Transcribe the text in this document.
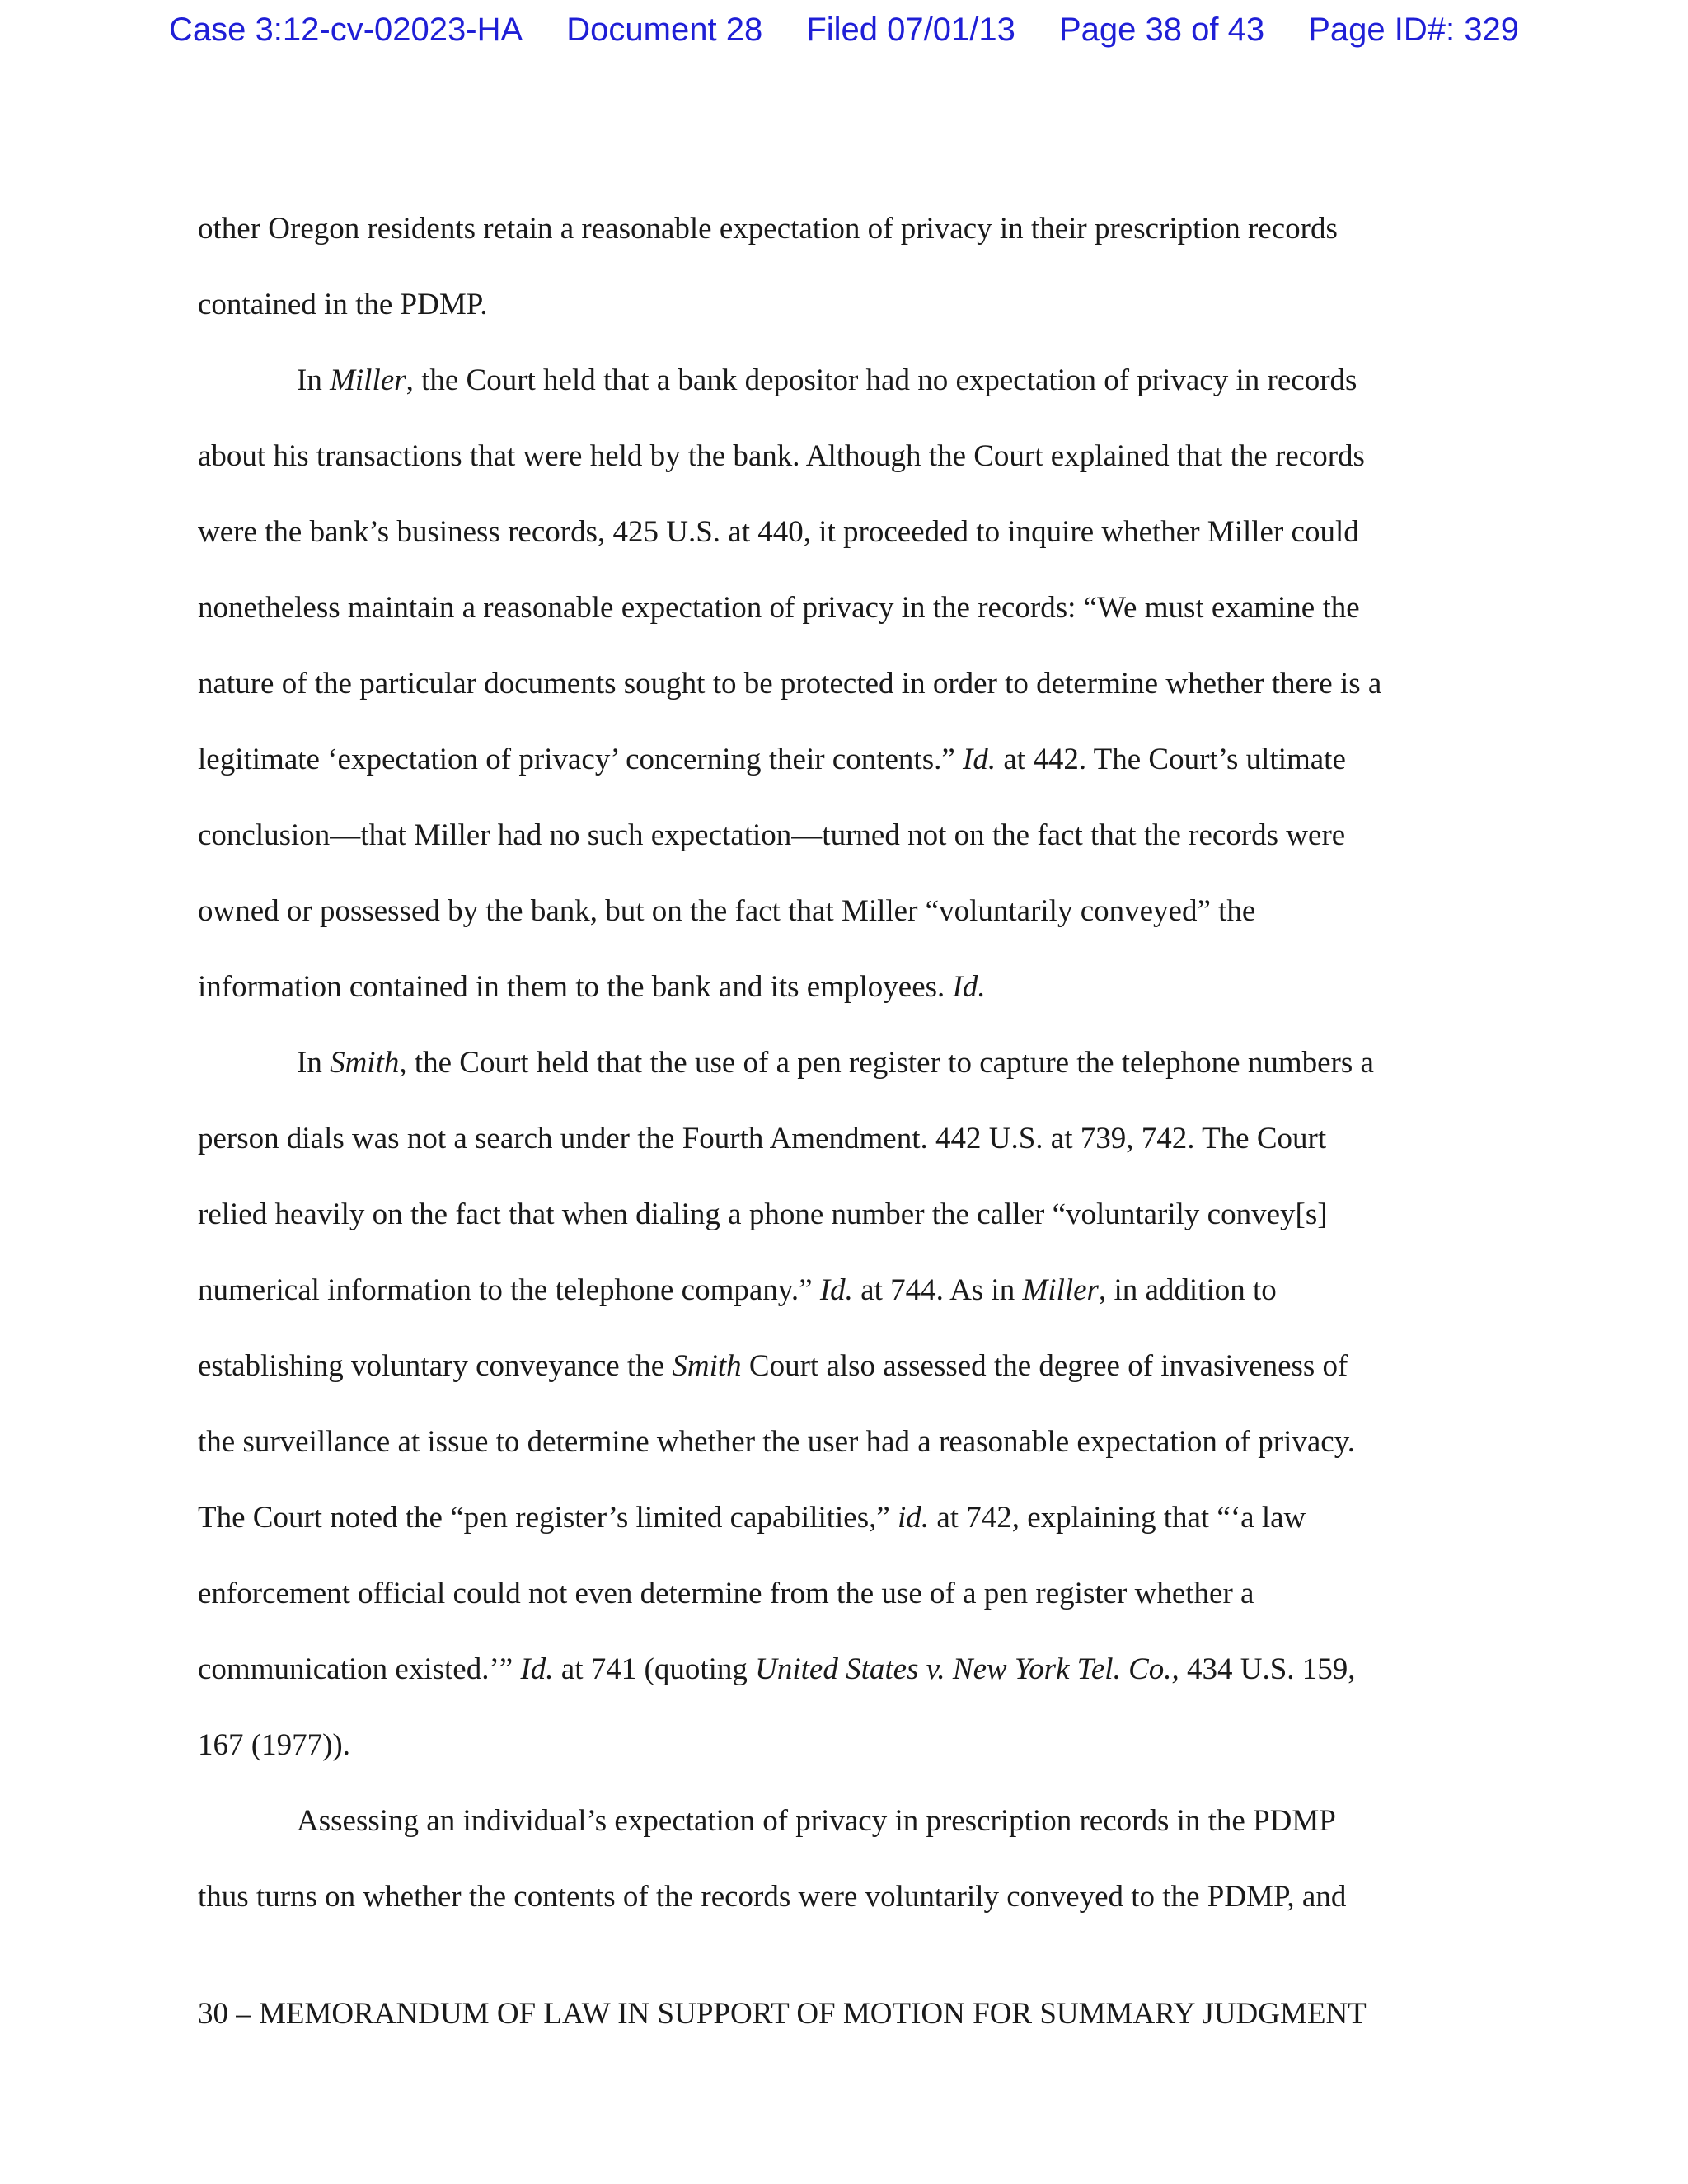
Case 3:12-cv-02023-HA Document 28 Filed 07/01/13 Page 38 of 43 Page ID#: 329
other Oregon residents retain a reasonable expectation of privacy in their prescription records
contained in the PDMP.
In Miller, the Court held that a bank depositor had no expectation of privacy in records
about his transactions that were held by the bank. Although the Court explained that the records
were the bank’s business records, 425 U.S. at 440, it proceeded to inquire whether Miller could
nonetheless maintain a reasonable expectation of privacy in the records: “We must examine the
nature of the particular documents sought to be protected in order to determine whether there is a
legitimate ‘expectation of privacy’ concerning their contents.” Id. at 442. The Court’s ultimate
conclusion—that Miller had no such expectation—turned not on the fact that the records were
owned or possessed by the bank, but on the fact that Miller “voluntarily conveyed” the
information contained in them to the bank and its employees. Id.
In Smith, the Court held that the use of a pen register to capture the telephone numbers a
person dials was not a search under the Fourth Amendment. 442 U.S. at 739, 742. The Court
relied heavily on the fact that when dialing a phone number the caller “voluntarily convey[s]
numerical information to the telephone company.” Id. at 744. As in Miller, in addition to
establishing voluntary conveyance the Smith Court also assessed the degree of invasiveness of
the surveillance at issue to determine whether the user had a reasonable expectation of privacy.
The Court noted the “pen register’s limited capabilities,” id. at 742, explaining that “‘a law
enforcement official could not even determine from the use of a pen register whether a
communication existed.’” Id. at 741 (quoting United States v. New York Tel. Co., 434 U.S. 159,
167 (1977)).
Assessing an individual’s expectation of privacy in prescription records in the PDMP
thus turns on whether the contents of the records were voluntarily conveyed to the PDMP, and
30 – MEMORANDUM OF LAW IN SUPPORT OF MOTION FOR SUMMARY JUDGMENT
